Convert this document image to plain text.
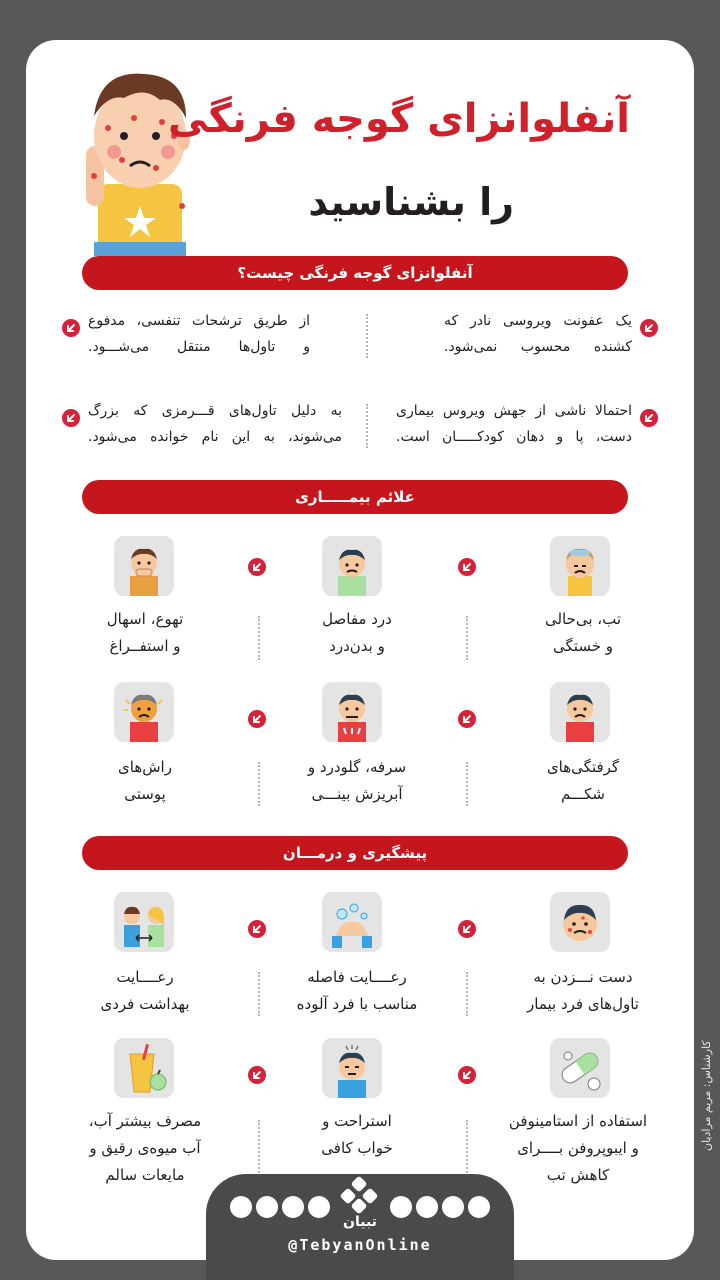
آنفلوانزای گوجه فرنگی
را بشناسید
آنفلوانزای گوجه فرنگی چیست؟
یک عفونت ویروسی نادر که
کشنده محسوب نمی‌شود.
از طریق ترشحات تنفسی، مدفوع
و تاول‌ها منتقل می‌شـــود.
احتمالا ناشی از جهش ویروس بیماری
دست، پا و دهان کودکـــــان است.
به دلیل تاول‌های قـــرمزی که بزرگ
می‌شوند، به این نام خوانده می‌شود.
علائم بیمـــــاری
تب، بی‌حالی
و خستگی
درد مفاصل
و بدن‌درد
تهوع، اسهال
و استفــراغ
گرفتگی‌های
شکـــم
سرفه، گلودرد و
آبریزش بینـــی
راش‌های
پوستی
پیشگیری و درمـــان
دست نـــزدن به
تاول‌های فرد بیمار
رعــــایت فاصله
مناسب با فرد آلوده
رعــــایت
بهداشت فردی
استفاده از استامینوفن
و ایبوپروفن بــــرای
کاهش تب
استراحت و
خواب کافی
مصرف بیشتر آب،
آب میوه‌ی رقیق و
مایعات سالم
کارشناس: مریم مرادیان
تبیان
@TebyanOnline
